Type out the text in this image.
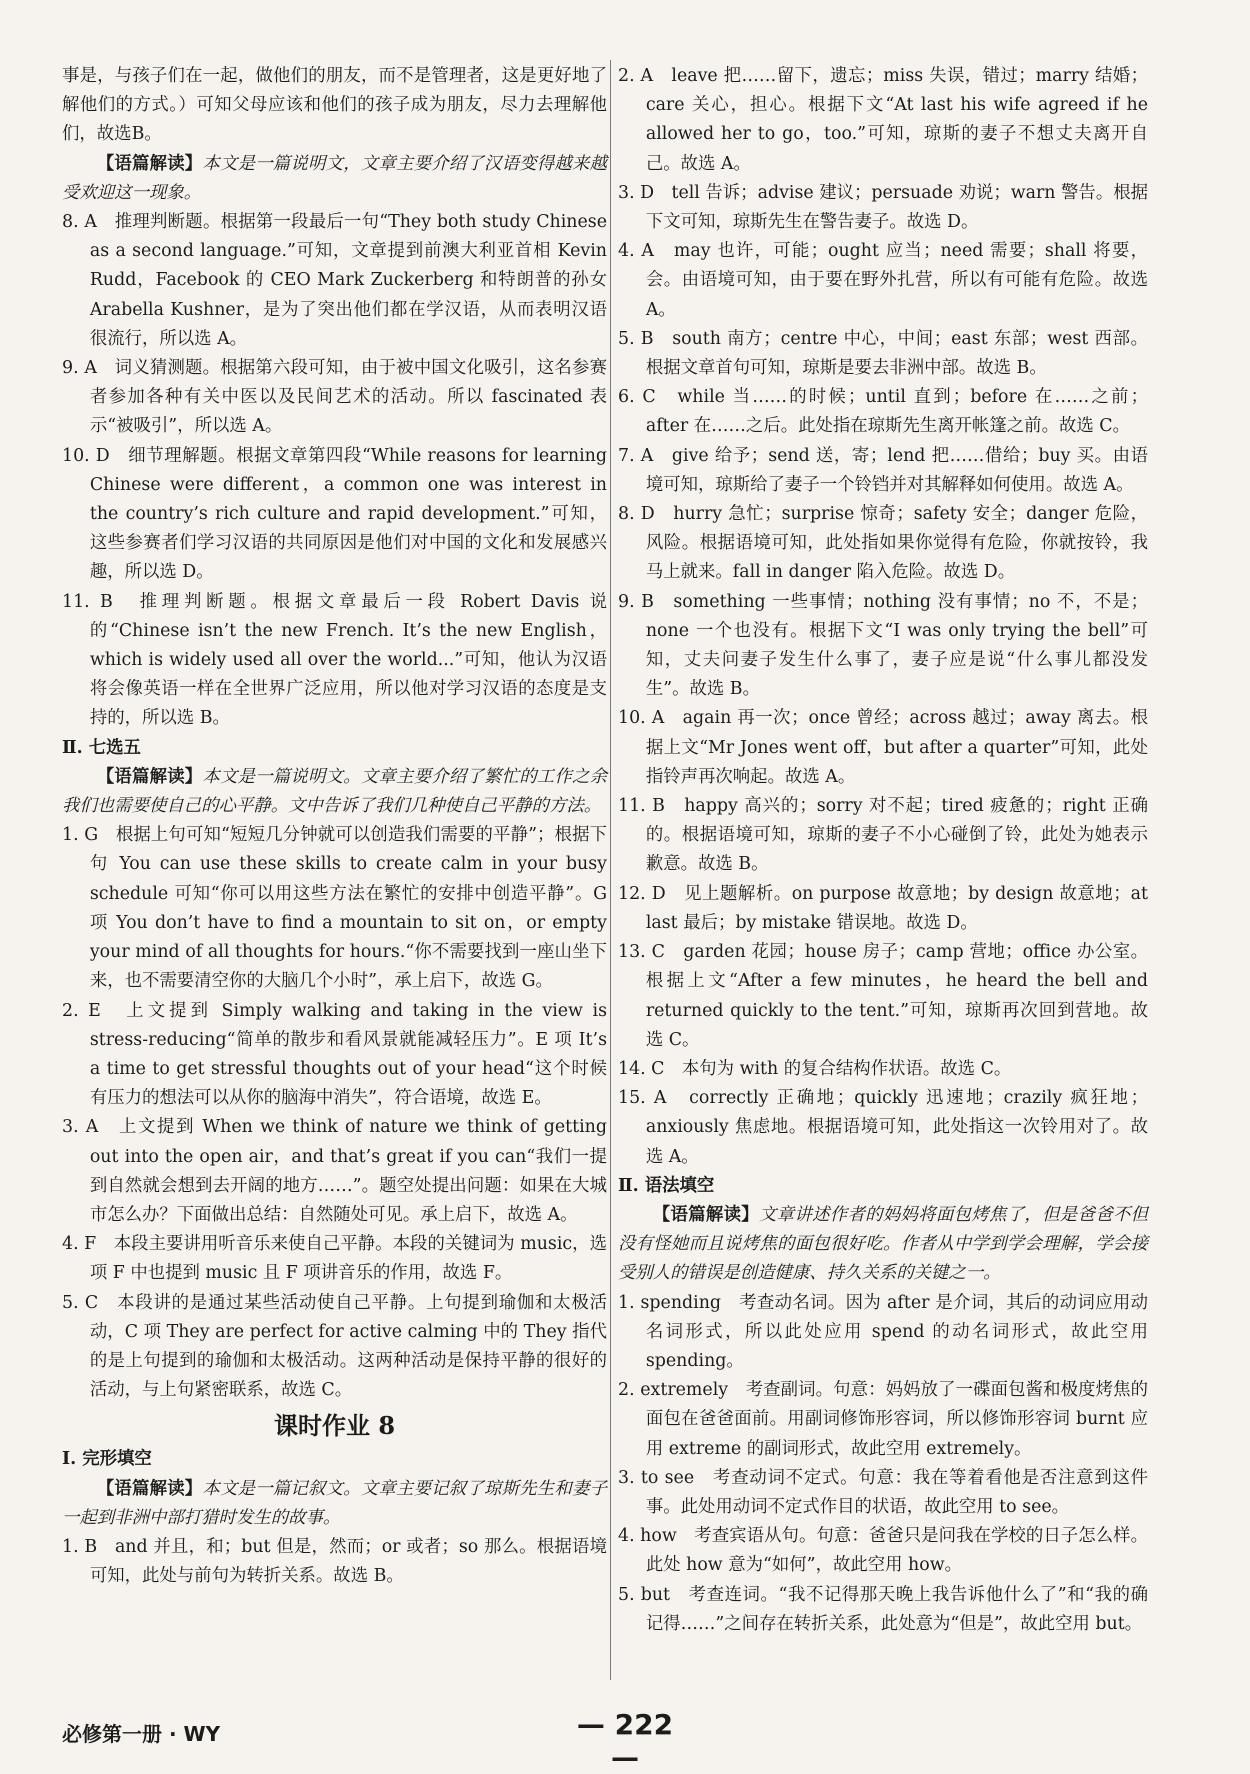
事是，与孩子们在一起，做他们的朋友，而不是管理者，这是更好地了解他们的方式。）可知父母应该和他们的孩子成为朋友，尽力去理解他们，故选B。

【语篇解读】本文是一篇说明文，文章主要介绍了汉语变得越来越受欢迎这一现象。

8. A　推理判断题。根据第一段最后一句“They both study Chinese as a second language.”可知，文章提到前澳大利亚首相 Kevin Rudd，Facebook 的 CEO Mark Zuckerberg 和特朗普的孙女 Arabella Kushner，是为了突出他们都在学汉语，从而表明汉语很流行，所以选 A。

9. A　词义猜测题。根据第六段可知，由于被中国文化吸引，这名参赛者参加各种有关中医以及民间艺术的活动。所以 fascinated 表示“被吸引”，所以选 A。

10. D　细节理解题。根据文章第四段“While reasons for learning Chinese were different，a common one was interest in the country’s rich culture and rapid development.”可知，这些参赛者们学习汉语的共同原因是他们对中国的文化和发展感兴趣，所以选 D。

11. B　推理判断题。根据文章最后一段 Robert Davis 说的“Chinese isn’t the new French. It’s the new English，which is widely used all over the world...”可知，他认为汉语将会像英语一样在全世界广泛应用，所以他对学习汉语的态度是支持的，所以选 B。

Ⅱ. 七选五

【语篇解读】本文是一篇说明文。文章主要介绍了繁忙的工作之余我们也需要使自己的心平静。文中告诉了我们几种使自己平静的方法。

1. G　根据上句可知“短短几分钟就可以创造我们需要的平静”；根据下句 You can use these skills to create calm in your busy schedule 可知“你可以用这些方法在繁忙的安排中创造平静”。G 项 You don’t have to find a mountain to sit on，or empty your mind of all thoughts for hours.“你不需要找到一座山坐下来，也不需要清空你的大脑几个小时”，承上启下，故选 G。

2. E　上文提到 Simply walking and taking in the view is stress-reducing“简单的散步和看风景就能减轻压力”。E 项 It’s a time to get stressful thoughts out of your head“这个时候有压力的想法可以从你的脑海中消失”，符合语境，故选 E。

3. A　上文提到 When we think of nature we think of getting out into the open air，and that’s great if you can“我们一提到自然就会想到去开阔的地方……”。题空处提出问题：如果在大城市怎么办？下面做出总结：自然随处可见。承上启下，故选 A。

4. F　本段主要讲用听音乐来使自己平静。本段的关键词为 music，选项 F 中也提到 music 且 F 项讲音乐的作用，故选 F。

5. C　本段讲的是通过某些活动使自己平静。上句提到瑜伽和太极活动，C 项 They are perfect for active calming 中的 They 指代的是上句提到的瑜伽和太极活动。这两种活动是保持平静的很好的活动，与上句紧密联系，故选 C。

课时作业 8

Ⅰ. 完形填空

【语篇解读】本文是一篇记叙文。文章主要记叙了琼斯先生和妻子一起到非洲中部打猎时发生的故事。

1. B　and 并且，和；but 但是，然而；or 或者；so 那么。根据语境可知，此处与前句为转折关系。故选 B。

2. A　leave 把……留下，遗忘；miss 失误，错过；marry 结婚；care 关心，担心。根据下文“At last his wife agreed if he allowed her to go，too.”可知，琼斯的妻子不想丈夫离开自己。故选 A。

3. D　tell 告诉；advise 建议；persuade 劝说；warn 警告。根据下文可知，琼斯先生在警告妻子。故选 D。

4. A　may 也许，可能；ought 应当；need 需要；shall 将要，会。由语境可知，由于要在野外扎营，所以有可能有危险。故选 A。

5. B　south 南方；centre 中心，中间；east 东部；west 西部。根据文章首句可知，琼斯是要去非洲中部。故选 B。

6. C　while 当……的时候；until 直到；before 在……之前；after 在……之后。此处指在琼斯先生离开帐篷之前。故选 C。

7. A　give 给予；send 送，寄；lend 把……借给；buy 买。由语境可知，琼斯给了妻子一个铃铛并对其解释如何使用。故选 A。

8. D　hurry 急忙；surprise 惊奇；safety 安全；danger 危险，风险。根据语境可知，此处指如果你觉得有危险，你就按铃，我马上就来。fall in danger 陷入危险。故选 D。

9. B　something 一些事情；nothing 没有事情；no 不，不是；none 一个也没有。根据下文“I was only trying the bell”可知，丈夫问妻子发生什么事了，妻子应是说“什么事儿都没发生”。故选 B。

10. A　again 再一次；once 曾经；across 越过；away 离去。根据上文“Mr Jones went off，but after a quarter”可知，此处指铃声再次响起。故选 A。

11. B　happy 高兴的；sorry 对不起；tired 疲惫的；right 正确的。根据语境可知，琼斯的妻子不小心碰倒了铃，此处为她表示歉意。故选 B。

12. D　见上题解析。on purpose 故意地；by design 故意地；at last 最后；by mistake 错误地。故选 D。

13. C　garden 花园；house 房子；camp 营地；office 办公室。根据上文“After a few minutes，he heard the bell and returned quickly to the tent.”可知，琼斯再次回到营地。故选 C。

14. C　本句为 with 的复合结构作状语。故选 C。

15. A　correctly 正确地；quickly 迅速地；crazily 疯狂地；anxiously 焦虑地。根据语境可知，此处指这一次铃用对了。故选 A。

Ⅱ. 语法填空

【语篇解读】文章讲述作者的妈妈将面包烤焦了，但是爸爸不但没有怪她而且说烤焦的面包很好吃。作者从中学到学会理解，学会接受别人的错误是创造健康、持久关系的关键之一。

1. spending　考查动名词。因为 after 是介词，其后的动词应用动名词形式，所以此处应用 spend 的动名词形式，故此空用 spending。

2. extremely　考查副词。句意：妈妈放了一碟面包酱和极度烤焦的面包在爸爸面前。用副词修饰形容词，所以修饰形容词 burnt 应用 extreme 的副词形式，故此空用 extremely。

3. to see　考查动词不定式。句意：我在等着看他是否注意到这件事。此处用动词不定式作目的状语，故此空用 to see。

4. how　考查宾语从句。句意：爸爸只是问我在学校的日子怎么样。此处 how 意为“如何”，故此空用 how。

5. but　考查连词。“我不记得那天晚上我告诉他什么了”和“我的确记得……”之间存在转折关系，此处意为“但是”，故此空用 but。

必修第一册 · WY	— 222 —
